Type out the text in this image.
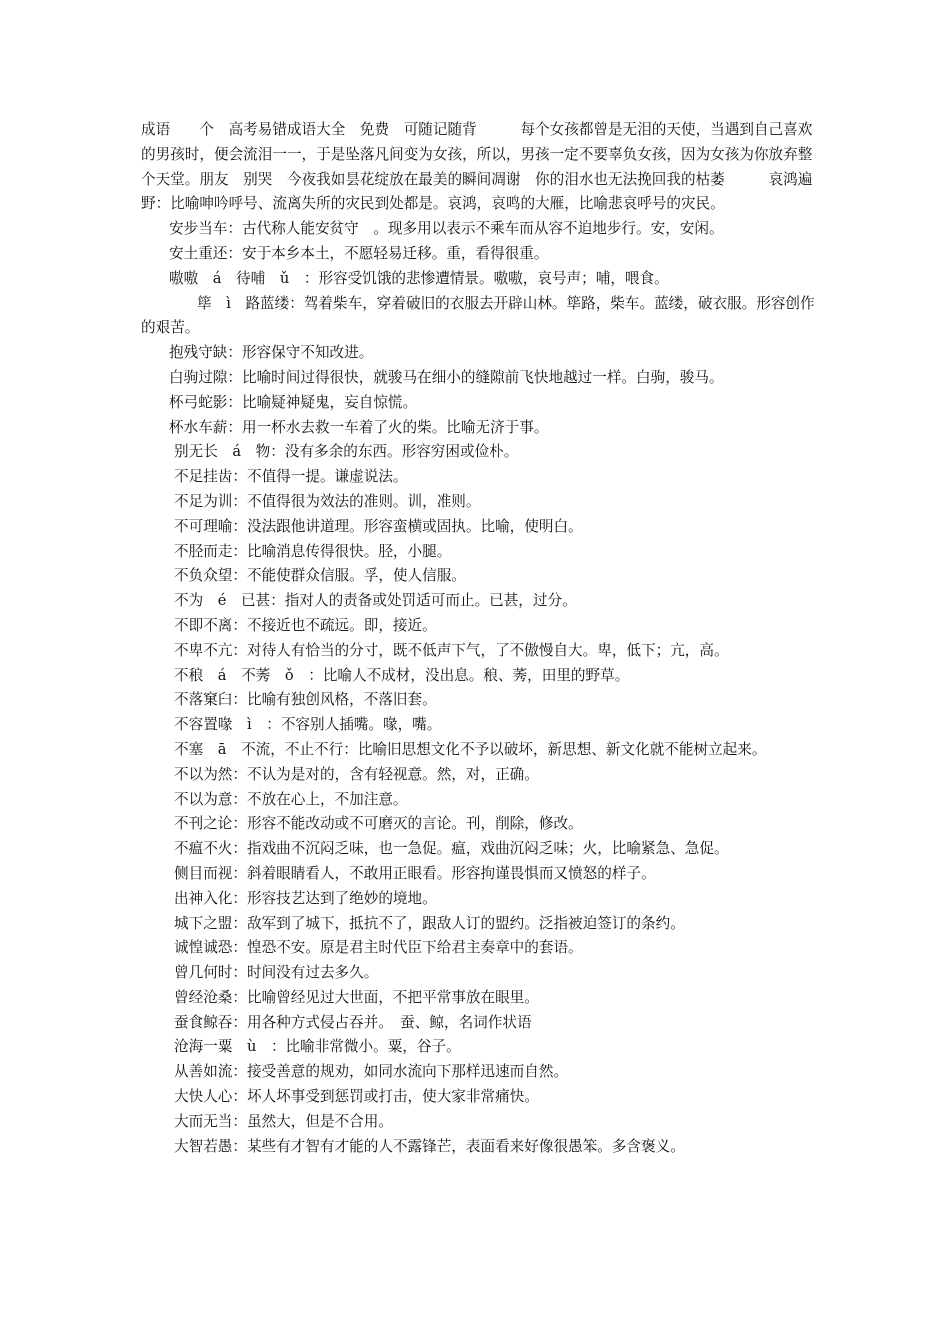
成语　　个　高考易错成语大全　免费　可随记随背　　　每个女孩都曾是无泪的天使，当遇到自己喜欢的男孩时，便会流泪一一，于是坠落凡间变为女孩，所以，男孩一定不要辜负女孩，因为女孩为你放弃整个天堂。朋友　别哭　今夜我如昙花绽放在最美的瞬间凋谢　你的泪水也无法挽回我的枯萎　　　哀鸿遍野：比喻呻吟呼号、流离失所的灾民到处都是。哀鸿，哀鸣的大雁，比喻悲哀呼号的灾民。

安步当车：古代称人能安贫守　。现多用以表示不乘车而从容不迫地步行。安，安闲。

安土重还：安于本乡本土，不愿轻易迁移。重，看得很重。

嗷嗷　á　待哺　ǔ　：形容受饥饿的悲惨遭情景。嗷嗷，哀号声；哺，喂食。

筚　ì　路蓝缕：驾着柴车，穿着破旧的衣服去开辟山林。筚路，柴车。蓝缕，破衣服。形容创作的艰苦。

抱残守缺：形容保守不知改进。

白驹过隙：比喻时间过得很快，就骏马在细小的缝隙前飞快地越过一样。白驹，骏马。

杯弓蛇影：比喻疑神疑鬼，妄自惊慌。

杯水车薪：用一杯水去救一车着了火的柴。比喻无济于事。

别无长　á　物：没有多余的东西。形容穷困或俭朴。

不足挂齿：不值得一提。谦虚说法。

不足为训：不值得很为效法的准则。训，准则。

不可理喻：没法跟他讲道理。形容蛮横或固执。比喻，使明白。

不胫而走：比喻消息传得很快。胫，小腿。

不负众望：不能使群众信服。孚，使人信服。

不为　é　已甚：指对人的责备或处罚适可而止。已甚，过分。

不即不离：不接近也不疏远。即，接近。

不卑不亢：对待人有恰当的分寸，既不低声下气，了不傲慢自大。卑，低下；亢，高。

不稂　á　不莠　ǒ　：比喻人不成材，没出息。稂、莠，田里的野草。

不落窠臼：比喻有独创风格，不落旧套。

不容置喙　ì　：不容别人插嘴。喙，嘴。

不塞　ā　不流，不止不行：比喻旧思想文化不予以破坏，新思想、新文化就不能树立起来。

不以为然：不认为是对的，含有轻视意。然，对，正确。

不以为意：不放在心上，不加注意。

不刊之论：形容不能改动或不可磨灭的言论。刊，削除，修改。

不瘟不火：指戏曲不沉闷乏味，也一急促。瘟，戏曲沉闷乏味；火，比喻紧急、急促。

侧目而视：斜着眼睛看人，不敢用正眼看。形容拘谨畏惧而又愤怒的样子。

出神入化：形容技艺达到了绝妙的境地。

城下之盟：敌军到了城下，抵抗不了，跟敌人订的盟约。泛指被迫签订的条约。

诚惶诚恐：惶恐不安。原是君主时代臣下给君主奏章中的套语。

曾几何时：时间没有过去多久。

曾经沧桑：比喻曾经见过大世面，不把平常事放在眼里。

蚕食鲸吞：用各种方式侵占吞并。　蚕、鲸，名词作状语

沧海一粟　ù　：比喻非常微小。粟，谷子。

从善如流：接受善意的规劝，如同水流向下那样迅速而自然。

大快人心：坏人坏事受到惩罚或打击，使大家非常痛快。

大而无当：虽然大，但是不合用。

大智若愚：某些有才智有才能的人不露锋芒，表面看来好像很愚笨。多含褒义。
